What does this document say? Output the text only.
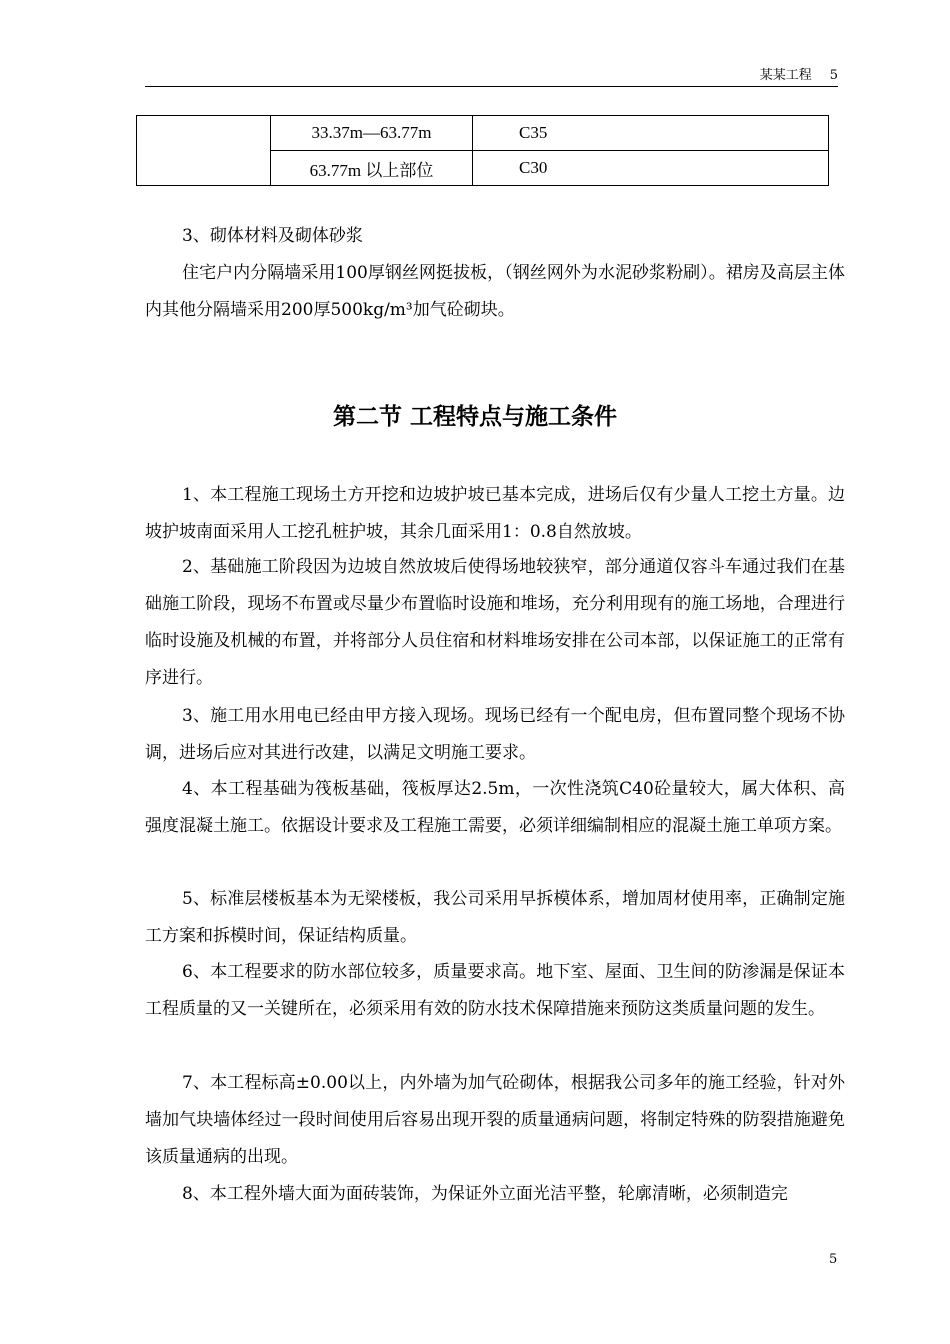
某某工程 5
	33.37m—63.77m	C35
	63.77m 以上部位	C30
3、砌体材料及砌体砂浆
住宅户内分隔墙采用100厚钢丝网挺拔板，（钢丝网外为水泥砂浆粉刷）。裙房及高层主体内其他分隔墙采用200厚500kg/m³加气砼砌块。
第二节 工程特点与施工条件
1、本工程施工现场土方开挖和边坡护坡已基本完成，进场后仅有少量人工挖土方量。边坡护坡南面采用人工挖孔桩护坡，其余几面采用1：0.8自然放坡。
2、基础施工阶段因为边坡自然放坡后使得场地较狭窄，部分通道仅容斗车通过我们在基础施工阶段，现场不布置或尽量少布置临时设施和堆场，充分利用现有的施工场地，合理进行临时设施及机械的布置，并将部分人员住宿和材料堆场安排在公司本部，以保证施工的正常有序进行。
3、施工用水用电已经由甲方接入现场。现场已经有一个配电房，但布置同整个现场不协调，进场后应对其进行改建，以满足文明施工要求。
4、本工程基础为筏板基础，筏板厚达2.5m，一次性浇筑C40砼量较大，属大体积、高强度混凝土施工。依据设计要求及工程施工需要，必须详细编制相应的混凝土施工单项方案。
5、标准层楼板基本为无梁楼板，我公司采用早拆模体系，增加周材使用率，正确制定施工方案和拆模时间，保证结构质量。
6、本工程要求的防水部位较多，质量要求高。地下室、屋面、卫生间的防渗漏是保证本工程质量的又一关键所在，必须采用有效的防水技术保障措施来预防这类质量问题的发生。
7、本工程标高±0.00以上，内外墙为加气砼砌体，根据我公司多年的施工经验，针对外墙加气块墙体经过一段时间使用后容易出现开裂的质量通病问题，将制定特殊的防裂措施避免该质量通病的出现。
8、本工程外墙大面为面砖装饰，为保证外立面光洁平整，轮廓清晰，必须制造完
5
